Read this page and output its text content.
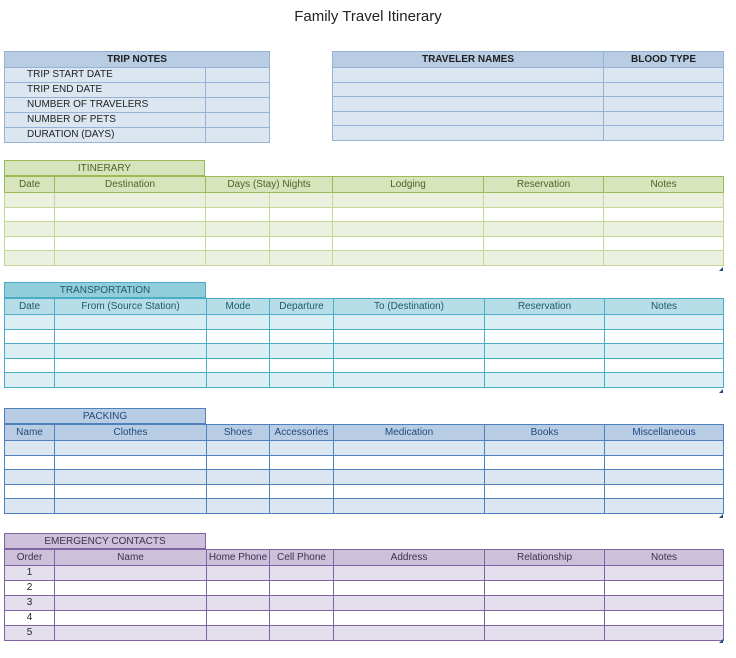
Family Travel Itinerary
TRIP NOTES	
TRIP START DATE	
TRIP END DATE	
NUMBER OF TRAVELERS	
NUMBER OF PETS	
DURATION (DAYS)	
TRAVELER NAMES	BLOOD TYPE

ITINERARY
Date	Destination	Days (Stay) Nights		Lodging	Reservation	Notes

TRANSPORTATION
Date	From (Source Station)	Mode	Departure	To (Destination)	Reservation	Notes

PACKING
Name	Clothes	Shoes	Accessories	Medication	Books	Miscellaneous

EMERGENCY CONTACTS
Order	Name	Home Phone	Cell Phone	Address	Relationship	Notes
1						
2						
3						
4						
5						
